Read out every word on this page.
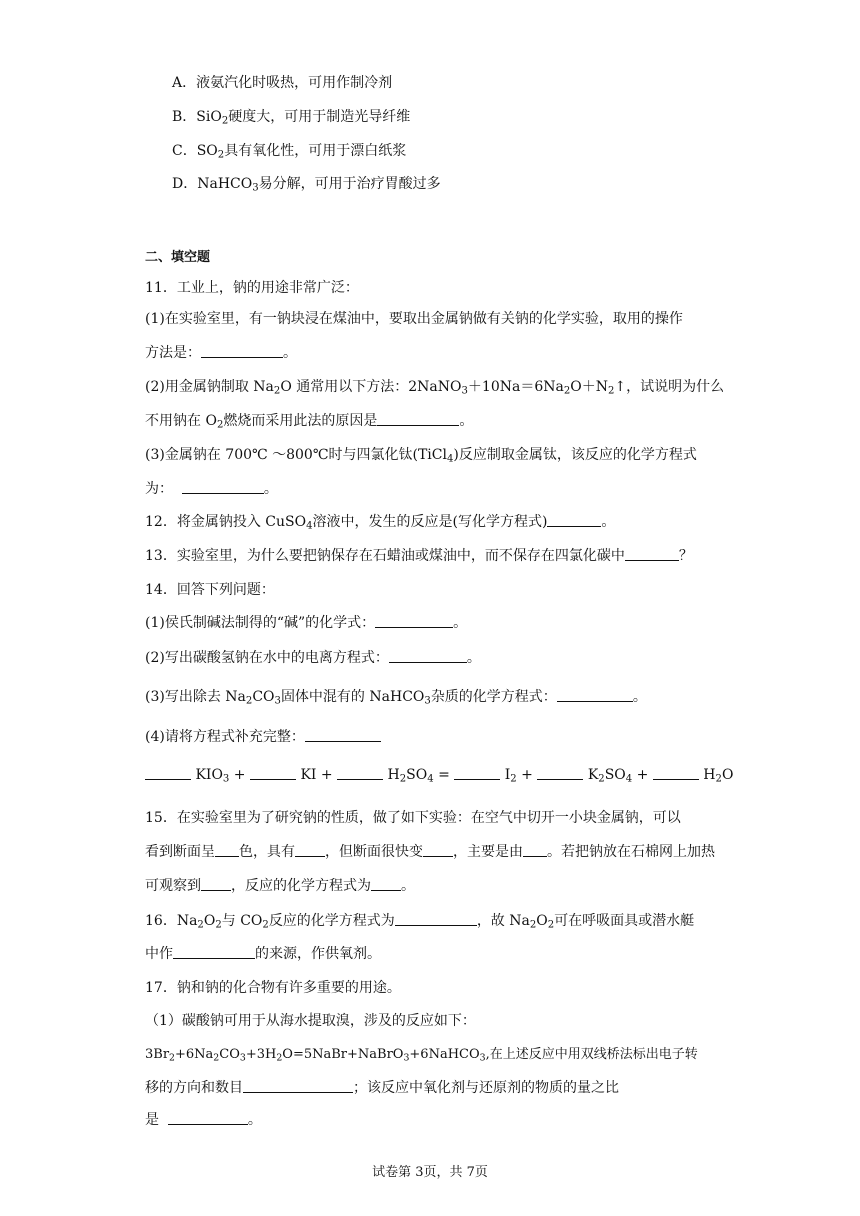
A．液氨汽化时吸热，可用作制冷剂
B．SiO$_2$硬度大，可用于制造光导纤维
C．$SO_2$具有氧化性，可用于漂白纸浆
D．NaHCO$_3$易分解，可用于治疗胃酸过多
二、填空题
11．工业上，钠的用途非常广泛：
(1)在实验室里，有一钠块浸在煤油中，要取出金属钠做有关钠的化学实验，取用的操作
方法是：	。
(2)用金属钠制取 $Na_2O$ 通常用以下方法：$2NaNO_3+10Na=6Na_2O+N_2↑$，试说明为什么
不用钠在 $O_2$燃烧而采用此法的原因是	。
(3)金属钠在 700℃ ～800℃时与四氯化钛(TiCl$_4$)反应制取金属钛，该反应的化学方程式
为：	。
12．将金属钠投入 CuSO$_4$溶液中，发生的反应是(写化学方程式)	。
13．实验室里，为什么要把钠保存在石蜡油或煤油中，而不保存在四氯化碳中	？
14．回答下列问题：
(1)侯氏制碱法制得的“碱”的化学式：	。
(2)写出碳酸氢钠在水中的电离方程式：	。
(3)写出除去 $Na_2CO_3$固体中混有的 NaHCO$_3$杂质的化学方程式：	。
(4)请将方程式补充完整：
$KIO_3$ +	KI +	$H_2SO_4$ =	$I_2$ +	$K_2SO_4$ +	$H_2O$
15．在实验室里为了研究钠的性质，做了如下实验：在空气中切开一小块金属钠，可以
看到断面呈 色，具有 ，但断面很快变 ，主要是由 。若把钠放在石棉网上加热
可观察到 ，反应的化学方程式为 。
16．$Na_2O_2$与 $CO_2$反应的化学方程式为	，故 $Na_2O_2$可在呼吸面具或潜水艇
中作	的来源，作供氧剂。
17．钠和钠的化合物有许多重要的用途。
（1）碳酸钠可用于从海水提取溴，涉及的反应如下：
$3Br_2+6Na_2CO_3+3H_2O=5NaBr+NaBrO_3+6NaHCO_3$,在上述反应中用双线桥法标出电子转
移的方向和数目	；该反应中氧化剂与还原剂的物质的量之比
是	。
试卷第 3页，共 7页
